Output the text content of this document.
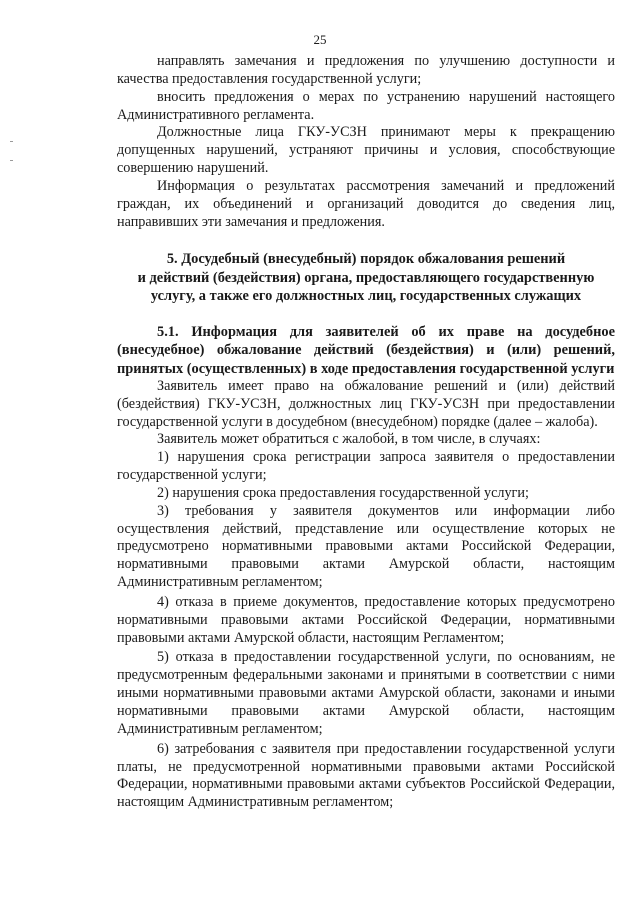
25

направлять замечания и предложения по улучшению доступности и качества предоставления государственной услуги;

вносить предложения о мерах по устранению нарушений настоящего Административного регламента.

Должностные лица ГКУ-УСЗН принимают меры к прекращению допущенных нарушений, устраняют причины и условия, способствующие совершению нарушений.

Информация о результатах рассмотрения замечаний и предложений граждан, их объединений и организаций доводится до сведения лиц, направивших эти замечания и предложения.

5. Досудебный (внесудебный) порядок обжалования решений
и действий (бездействия) органа, предоставляющего государственную
услугу, а также его должностных лиц, государственных служащих

5.1. Информация для заявителей об их праве на досудебное (внесудебное) обжалование действий (бездействия) и (или) решений, принятых (осуществленных) в ходе предоставления государственной услуги

Заявитель имеет право на обжалование решений и (или) действий (бездействия) ГКУ-УСЗН, должностных лиц ГКУ-УСЗН при предоставлении государственной услуги в досудебном (внесудебном) порядке (далее – жалоба).

Заявитель может обратиться с жалобой, в том числе, в случаях:

1) нарушения срока регистрации запроса заявителя о предоставлении государственной услуги;

2) нарушения срока предоставления государственной услуги;

3) требования у заявителя документов или информации либо осуществления действий, представление или осуществление которых не предусмотрено нормативными правовыми актами Российской Федерации, нормативными правовыми актами Амурской области, настоящим Административным регламентом;

4) отказа в приеме документов, предоставление которых предусмотрено нормативными правовыми актами Российской Федерации, нормативными правовыми актами Амурской области, настоящим Регламентом;

5) отказа в предоставлении государственной услуги, по основаниям, не предусмотренным федеральными законами и принятыми в соответствии с ними иными нормативными правовыми актами Амурской области, законами и иными нормативными правовыми актами Амурской области, настоящим Административным регламентом;

6) затребования с заявителя при предоставлении государственной услуги платы, не предусмотренной нормативными правовыми актами Российской Федерации, нормативными правовыми актами субъектов Российской Федерации, настоящим Административным регламентом;
